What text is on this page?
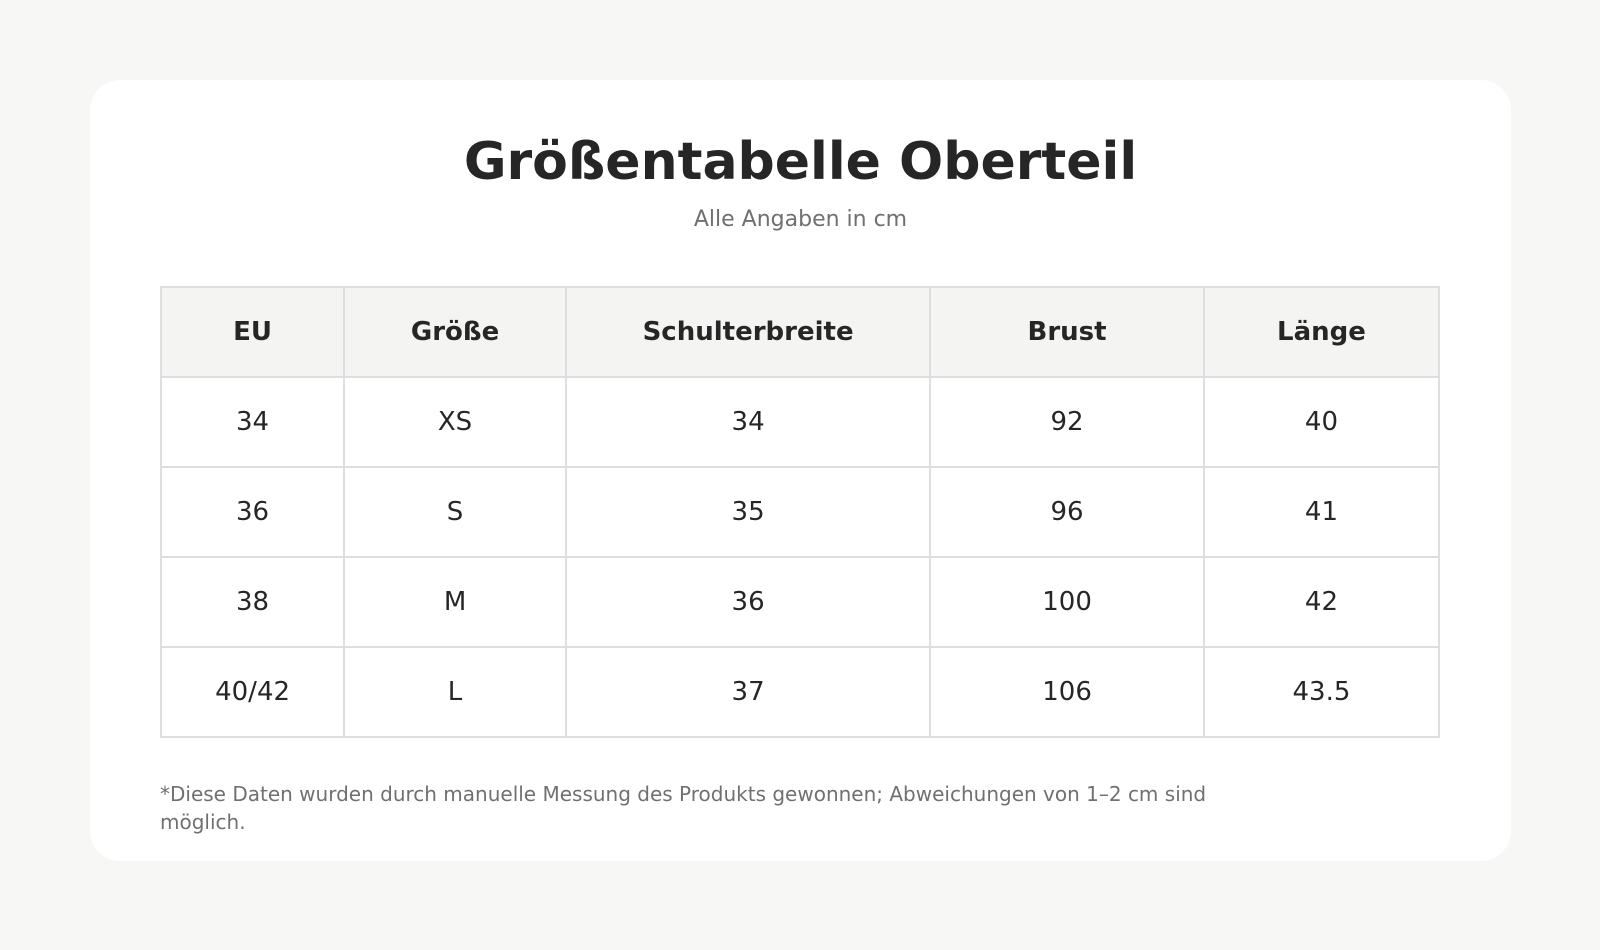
Größentabelle Oberteil
Alle Angaben in cm
EU	Größe	Schulterbreite	Brust	Länge
34	XS	34	92	40
36	S	35	96	41
38	M	36	100	42
40/42	L	37	106	43.5
*Diese Daten wurden durch manuelle Messung des Produkts gewonnen; Abweichungen von 1–2 cm sind möglich.
